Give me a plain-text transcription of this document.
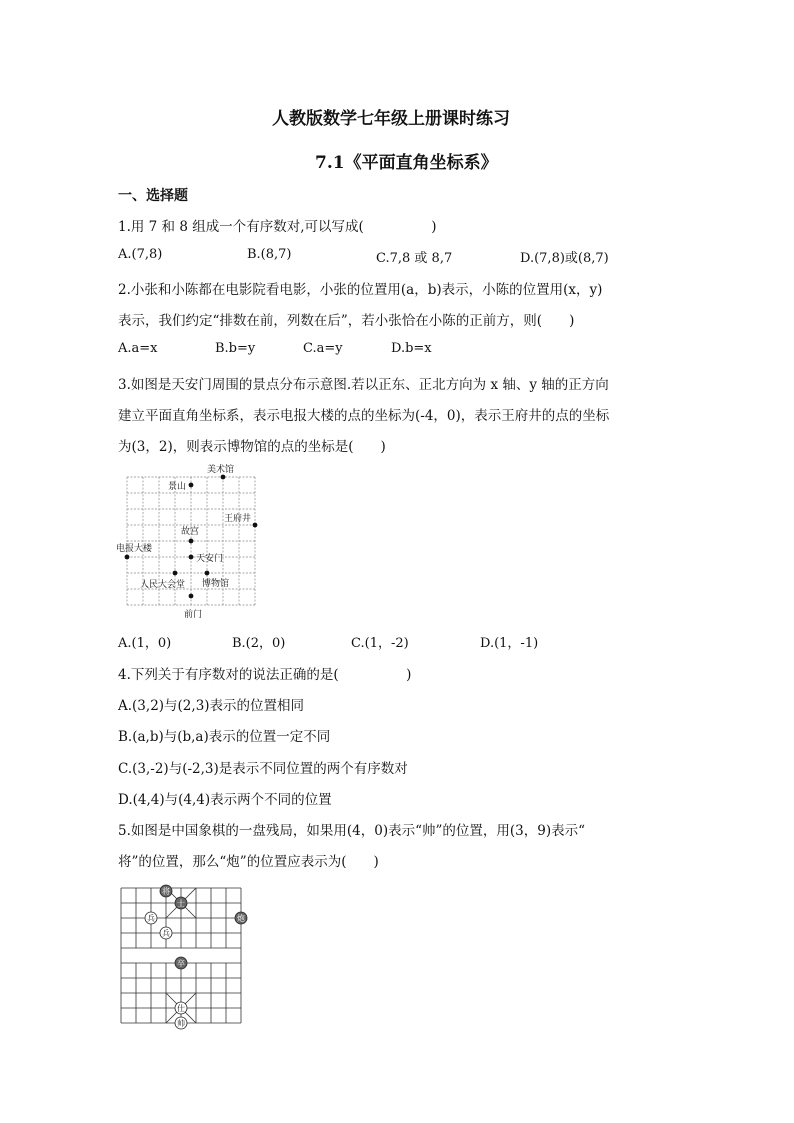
人教版数学七年级上册课时练习
7.1《平面直角坐标系》
一、选择题
1.用 7 和 8 组成一个有序数对,可以写成(　　　　　)
A.(7,8)	B.(8,7)	C.7,8 或 8,7	D.(7,8)或(8,7)
2.小张和小陈都在电影院看电影，小张的位置用(a，b)表示，小陈的位置用(x，y)
表示，我们约定“排数在前，列数在后”，若小张恰在小陈的正前方，则(　　)
A.a=x	B.b=y	C.a=y	D.b=x
3.如图是天安门周围的景点分布示意图.若以正东、正北方向为 x 轴、y 轴的正方向
建立平面直角坐标系，表示电报大楼的点的坐标为(-4，0)，表示王府井的点的坐标
为(3，2)，则表示博物馆的点的坐标是(　　)
美术馆
景山
王府井
故宫
电报大楼
天安门
人民大会堂 博物馆
前门
A.(1，0)	B.(2，0)	C.(1，-2)	D.(1，-1)
4.下列关于有序数对的说法正确的是(　　　　　)
A.(3,2)与(2,3)表示的位置相同
B.(a,b)与(b,a)表示的位置一定不同
C.(3,-2)与(-2,3)是表示不同位置的两个有序数对
D.(4,4)与(4,4)表示两个不同的位置
5.如图是中国象棋的一盘残局，如果用(4，0)表示“帅”的位置，用(3，9)表示“
将”的位置，那么“炮”的位置应表示为(　　)
将
士
兵
兵
炮
卒
仕
帅
